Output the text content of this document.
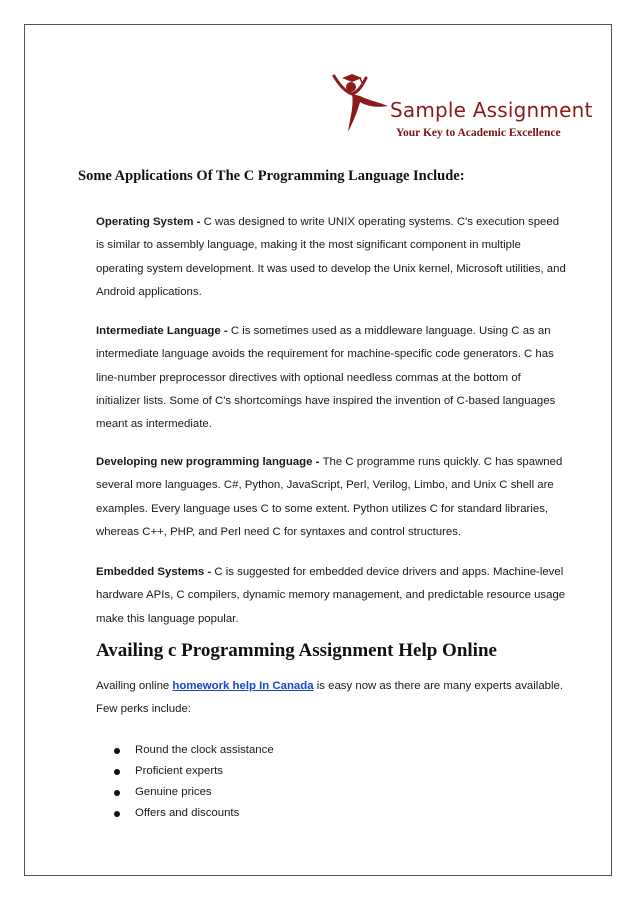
Sample Assignment
Your Key to Academic Excellence
Some Applications Of The C Programming Language Include:

Operating System - C was designed to write UNIX operating systems. C's execution speed is similar to assembly language, making it the most significant component in multiple operating system development. It was used to develop the Unix kernel, Microsoft utilities, and Android applications.

Intermediate Language - C is sometimes used as a middleware language. Using C as an intermediate language avoids the requirement for machine-specific code generators. C has line-number preprocessor directives with optional needless commas at the bottom of initializer lists. Some of C's shortcomings have inspired the invention of C-based languages meant as intermediate.

Developing new programming language - The C programme runs quickly. C has spawned several more languages. C#, Python, JavaScript, Perl, Verilog, Limbo, and Unix C shell are examples. Every language uses C to some extent. Python utilizes C for standard libraries, whereas C++, PHP, and Perl need C for syntaxes and control structures.

Embedded Systems - C is suggested for embedded device drivers and apps. Machine-level hardware APIs, C compilers, dynamic memory management, and predictable resource usage make this language popular.

Availing c Programming Assignment Help Online

Availing online homework help In Canada is easy now as there are many experts available. Few perks include:

Round the clock assistance
Proficient experts
Genuine prices
Offers and discounts
